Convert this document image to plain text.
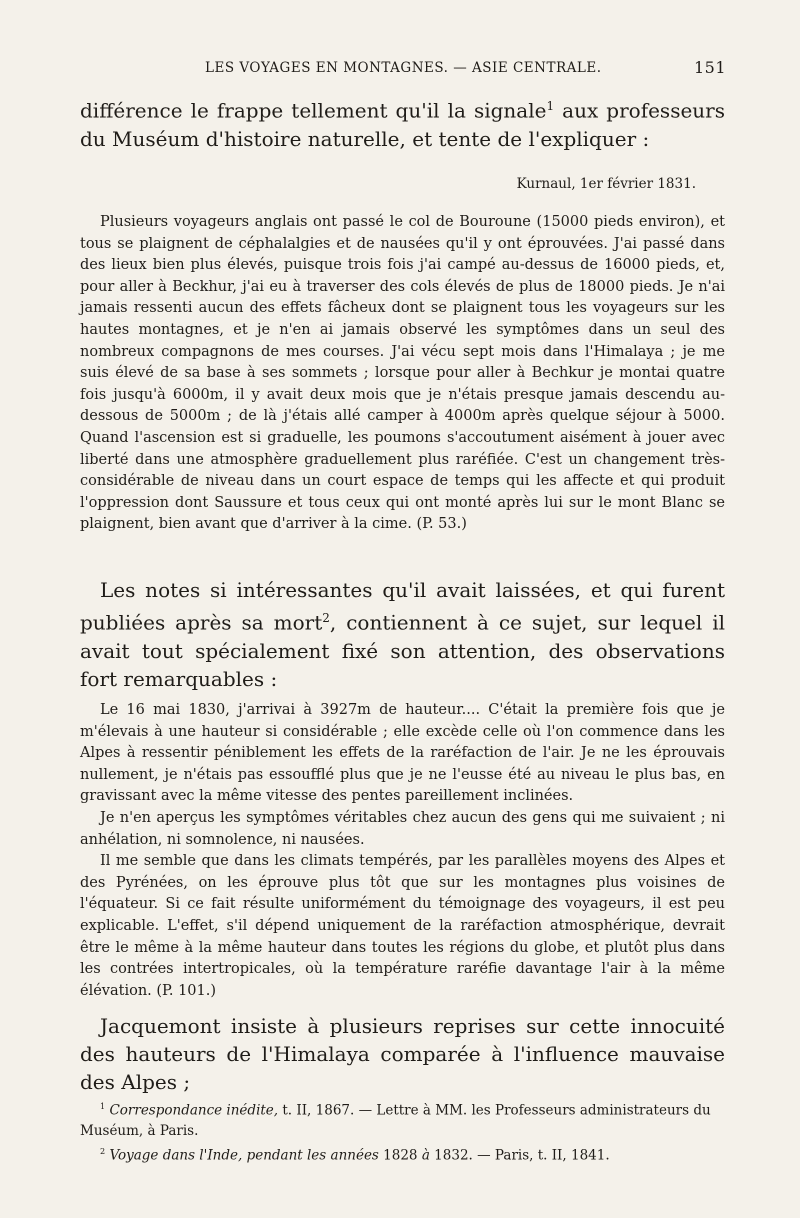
LES VOYAGES EN MONTAGNES. — ASIE CENTRALE.	151

différence le frappe tellement qu'il la signale$^1$ aux professeurs du Muséum d'histoire naturelle, et tente de l'expliquer :

Kurnaul, 1er février 1831.

Plusieurs voyageurs anglais ont passé le col de Bouroune (15000 pieds environ), et tous se plaignent de céphalalgies et de nausées qu'il y ont éprouvées. J'ai passé dans des lieux bien plus élevés, puisque trois fois j'ai campé au-dessus de 16000 pieds, et, pour aller à Beckhur, j'ai eu à traverser des cols élevés de plus de 18000 pieds. Je n'ai jamais ressenti aucun des effets fâcheux dont se plaignent tous les voyageurs sur les hautes montagnes, et je n'en ai jamais observé les symptômes dans un seul des nombreux compagnons de mes courses. J'ai vécu sept mois dans l'Himalaya ; je me suis élevé de sa base à ses sommets ; lorsque pour aller à Bechkur je montai quatre fois jusqu'à 6000m, il y avait deux mois que je n'étais presque jamais descendu au-dessous de 5000m ; de là j'étais allé camper à 4000m après quelque séjour à 5000. Quand l'ascension est si graduelle, les poumons s'accoutument aisément à jouer avec liberté dans une atmosphère graduellement plus raréfiée. C'est un changement très-considérable de niveau dans un court espace de temps qui les affecte et qui produit l'oppression dont Saussure et tous ceux qui ont monté après lui sur le mont Blanc se plaignent, bien avant que d'arriver à la cime. (P. 53.)

Les notes si intéressantes qu'il avait laissées, et qui furent publiées après sa mort$^2$, contiennent à ce sujet, sur lequel il avait tout spécialement fixé son attention, des observations fort remarquables :

Le 16 mai 1830, j'arrivai à 3927m de hauteur.... C'était la première fois que je m'élevais à une hauteur si considérable ; elle excède celle où l'on commence dans les Alpes à ressentir péniblement les effets de la raréfaction de l'air. Je ne les éprouvais nullement, je n'étais pas essoufflé plus que je ne l'eusse été au niveau le plus bas, en gravissant avec la même vitesse des pentes pareillement inclinées.

Je n'en aperçus les symptômes véritables chez aucun des gens qui me suivaient ; ni anhélation, ni somnolence, ni nausées.

Il me semble que dans les climats tempérés, par les parallèles moyens des Alpes et des Pyrénées, on les éprouve plus tôt que sur les montagnes plus voisines de l'équateur. Si ce fait résulte uniformément du témoignage des voyageurs, il est peu explicable. L'effet, s'il dépend uniquement de la raréfaction atmosphérique, devrait être le même à la même hauteur dans toutes les régions du globe, et plutôt plus dans les contrées intertropicales, où la température raréfie davantage l'air à la même élévation. (P. 101.)

Jacquemont insiste à plusieurs reprises sur cette innocuité des hauteurs de l'Himalaya comparée à l'influence mauvaise des Alpes ;

$^1$ Correspondance inédite, t. II, 1867. — Lettre à MM. les Professeurs administrateurs du Muséum, à Paris.

$^2$ Voyage dans l'Inde, pendant les années 1828 à 1832. — Paris, t. II, 1841.
